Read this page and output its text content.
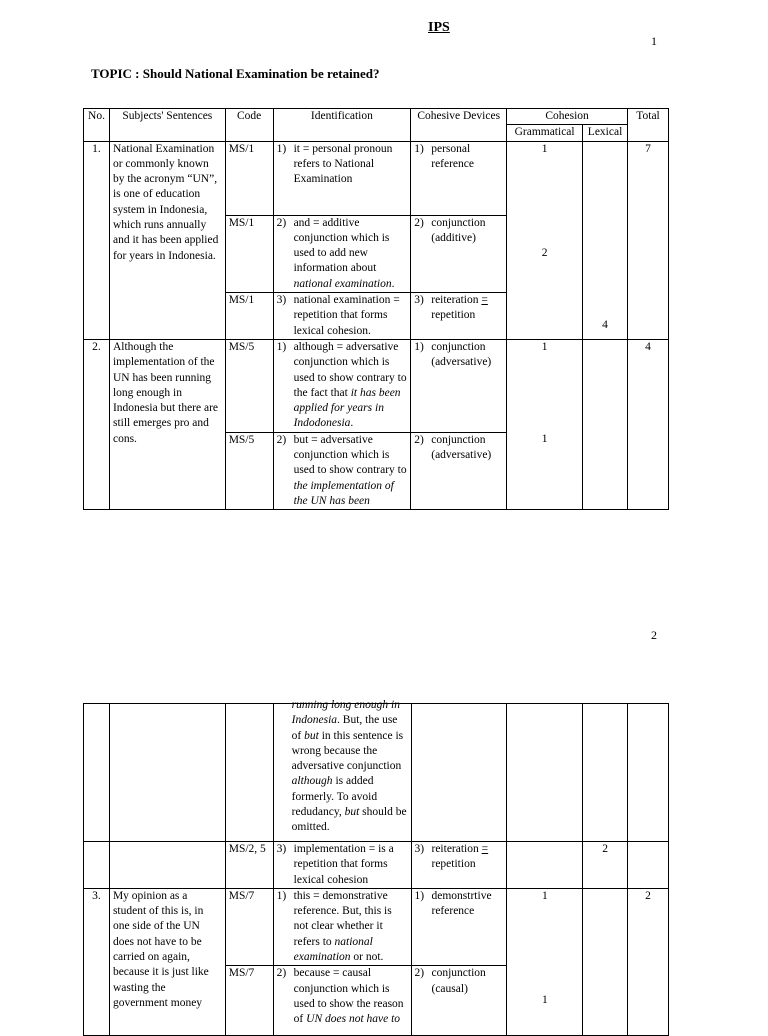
IPS
1
TOPIC : Should National Examination be retained?
No.	Subjects' Sentences	Code	Identification	Cohesive Devices	Cohesion		Total
					Grammatical	Lexical	
1.	National Examination or commonly known by the acronym “UN”, is one of education system in Indonesia, which runs annually and it has been applied for years in Indonesia.	MS/1	1) it = personal pronoun refers to National Examination	1) personal reference	1	4	7
		MS/1	2) and = additive conjunction which is used to add new information about national examination.	2) conjunction (additive)	2		
		MS/1	3) national examination = repetition that forms lexical cohesion.	3) reiteration = repetition			

2.	Although the implementation of the UN has been running long enough in Indonesia but there are still emerges pro and cons.	MS/5	1) although = adversative conjunction which is used to show contrary to the fact that it has been applied for years in Indodonesia.	1) conjunction (adversative)	1		4
		MS/5	2) but = adversative conjunction which is used to show contrary to the implementation of the UN has been	2) conjunction (adversative)	1		
2

			running long enough in Indonesia. But, the use of but in this sentence is wrong because the adversative conjunction although is added formerly. To avoid redudancy, but should be omitted.				

		MS/2, 5	3) implementation = is a repetition that forms lexical cohesion	3) reiteration = repetition		2	
3.	My opinion as a student of this is, in one side of the UN does not have to be carried on again, because it is just like wasting the government money	MS/7	1) this = demonstrative reference. But, this is not clear whether it refers to national examination or not.	1) demonstrtive reference	1		2
		MS/7	2) because = causal conjunction which is used to show the reason of UN does not have to	2) conjunction (causal)	1		
